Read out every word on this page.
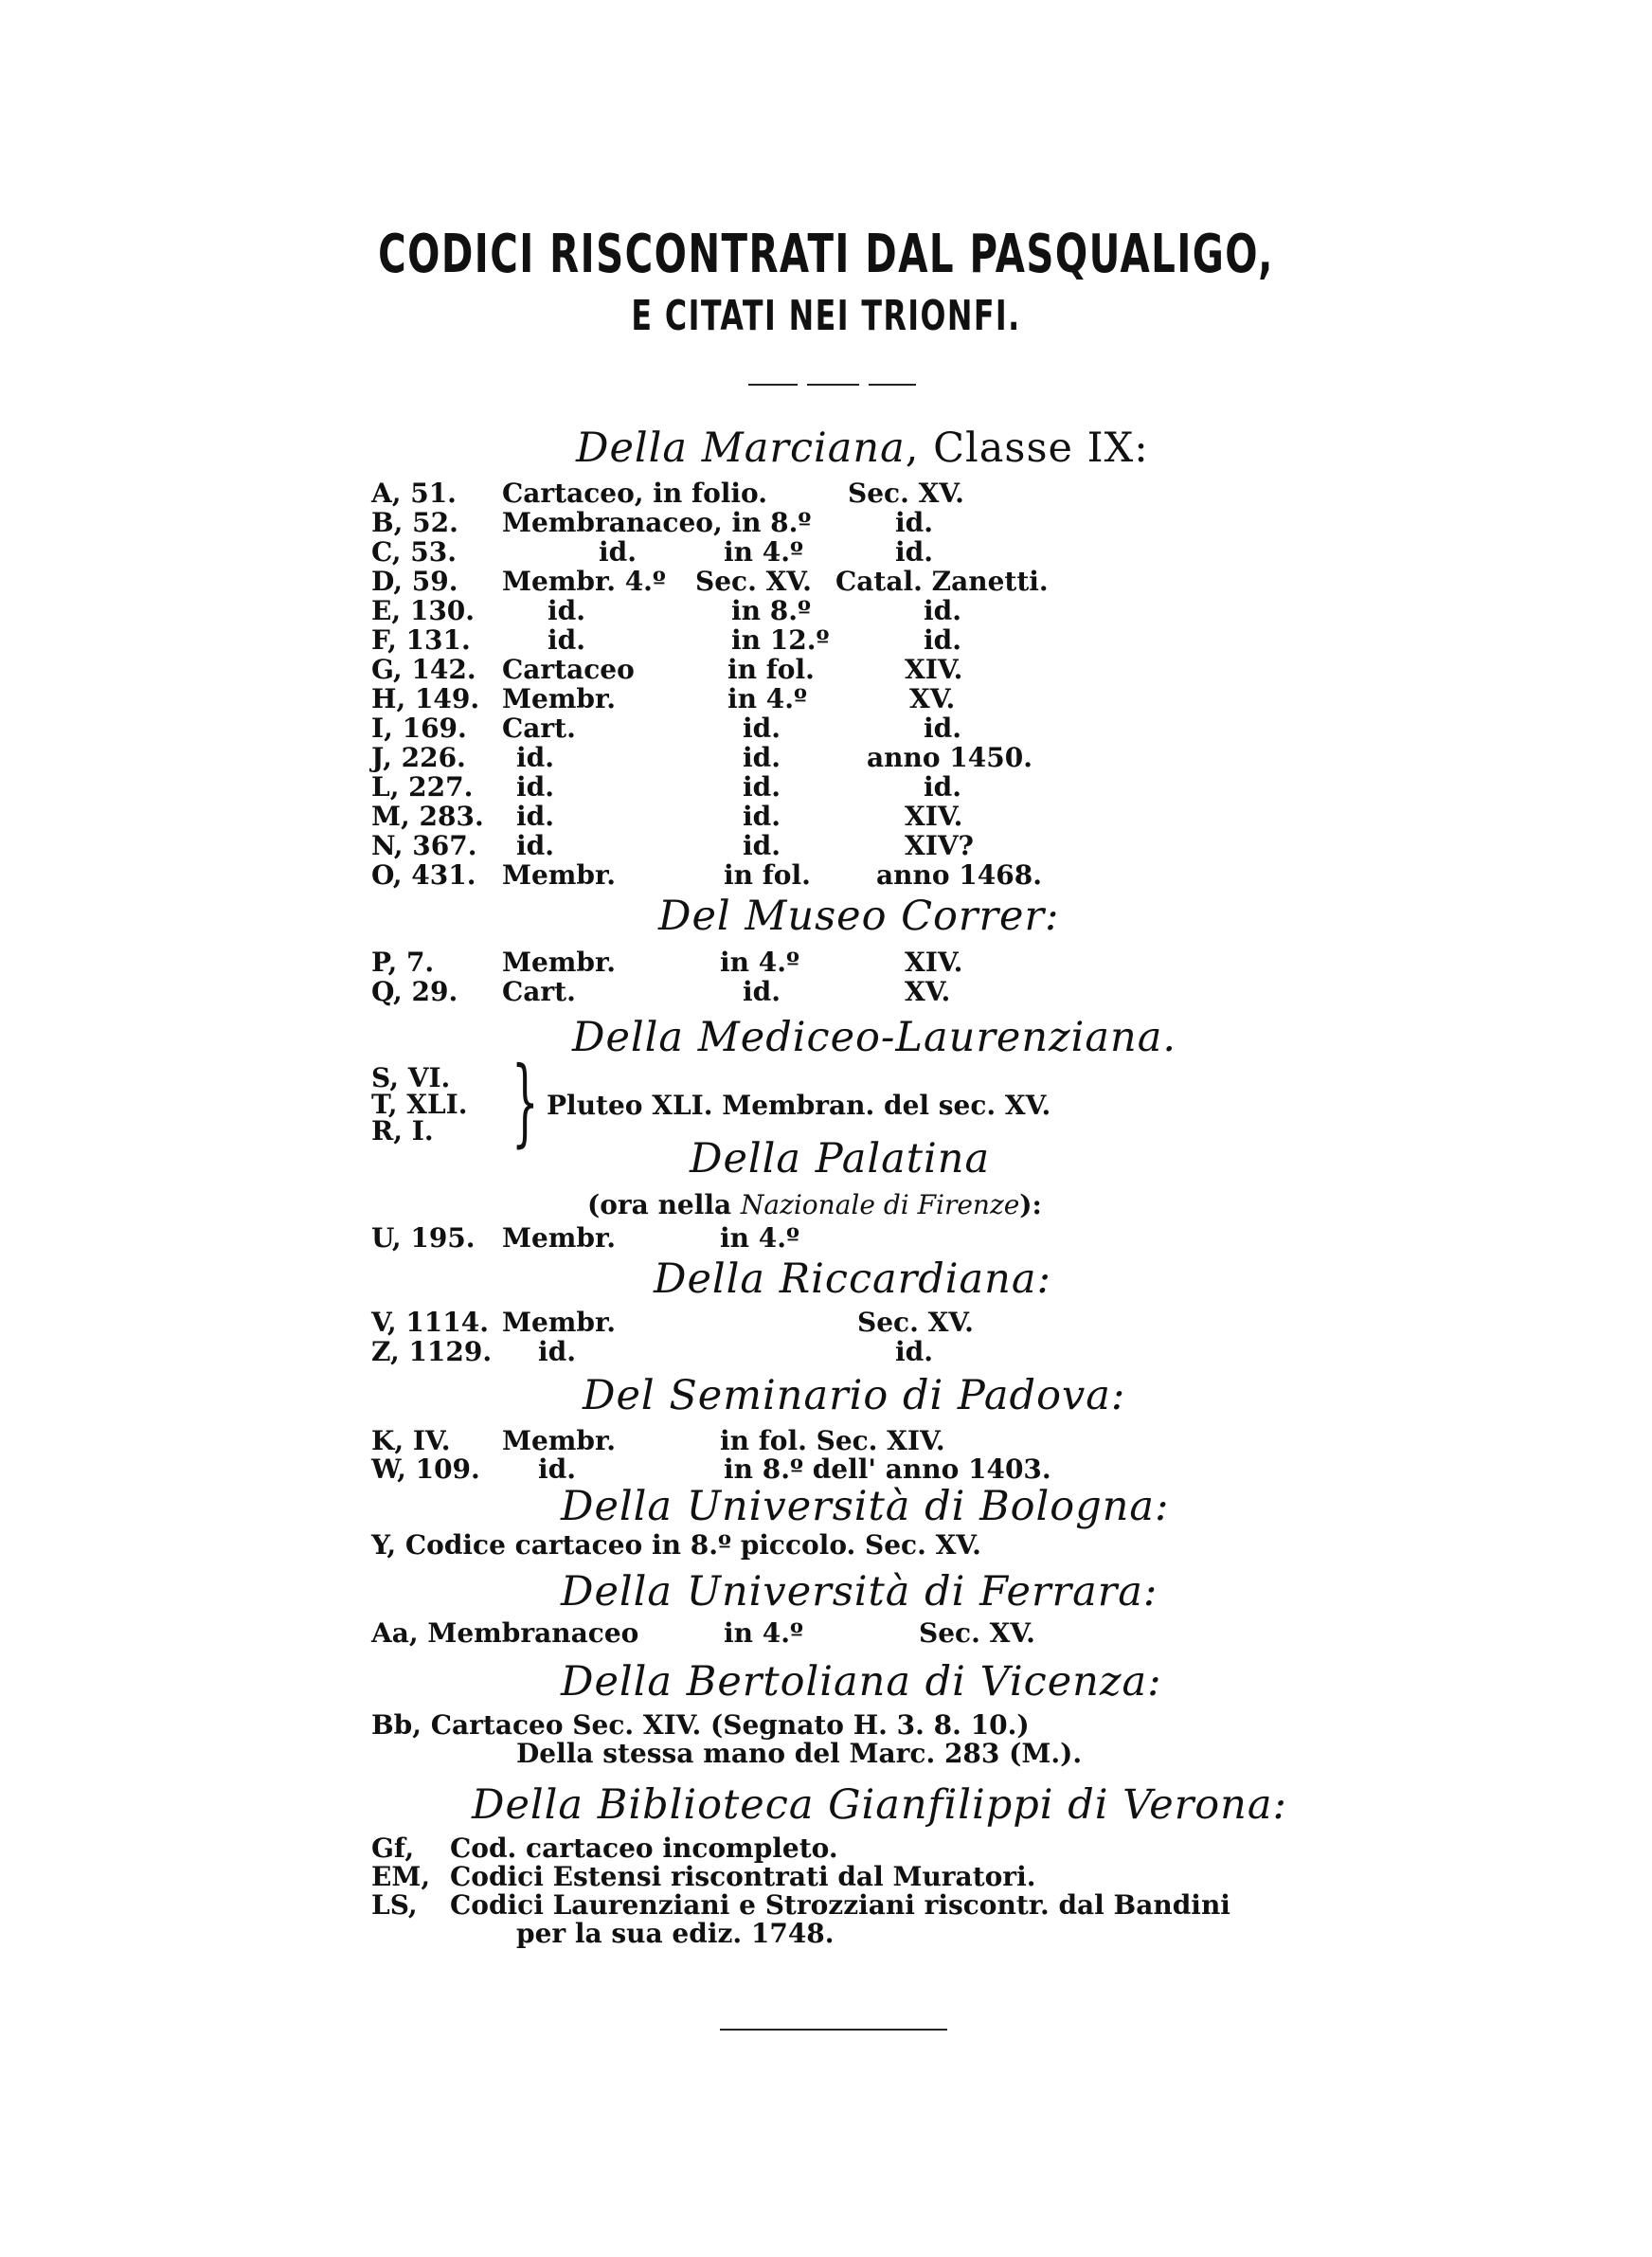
CODICI RISCONTRATI DAL PASQUALIGO,
E CITATI NEI TRIONFI.
Della Marciana, Classe IX:
A, 51. Cartaceo, in folio.	Sec. XV.
B, 52. Membranaceo, in 8.º	id.
C, 53.	id.	in 4.º	id.
D, 59. Membr. 4.º Sec. XV. Catal. Zanetti.
E, 130.	id.	in 8.º	id.
F, 131.	id.	in 12.º	id.
G, 142. Cartaceo	in fol.	XIV.
H, 149. Membr.	in 4.º	XV.
I, 169. Cart.	id.	id.
J, 226. id.	id.	anno 1450.
L, 227. id.	id.	id.
M, 283. id.	id.	XIV.
N, 367. id.	id.	XIV?
O, 431. Membr.	in fol. anno 1468.
Del Museo Correr:
P, 7.	Membr.	in 4.º	XIV.
Q, 29. Cart.	id.	XV.
Della Mediceo-Laurenziana.
S, VI.
T, XLI.
R, I. } Pluteo XLI. Membran. del sec. XV.
Della Palatina
(ora nella Nazionale di Firenze):
U, 195. Membr.	in 4.º
Della Riccardiana:
V, 1114. Membr.	Sec. XV.
Z, 1129. id.	id.
Del Seminario di Padova:
K, IV. Membr.	in fol. Sec. XIV.
W, 109. id.	in 8.º dell' anno 1403.
Della Università di Bologna:
Y, Codice cartaceo in 8.º piccolo. Sec. XV.
Della Università di Ferrara:
Aa, Membranaceo	in 4.º	Sec. XV.
Della Bertoliana di Vicenza:
Bb, Cartaceo Sec. XIV. (Segnato H. 3. 8. 10.)
Della stessa mano del Marc. 283 (M.).
Della Biblioteca Gianfilippi di Verona:
Gf, Cod. cartaceo incompleto.
EM, Codici Estensi riscontrati dal Muratori.
LS, Codici Laurenziani e Strozziani riscontr. dal Bandini
per la sua ediz. 1748.
